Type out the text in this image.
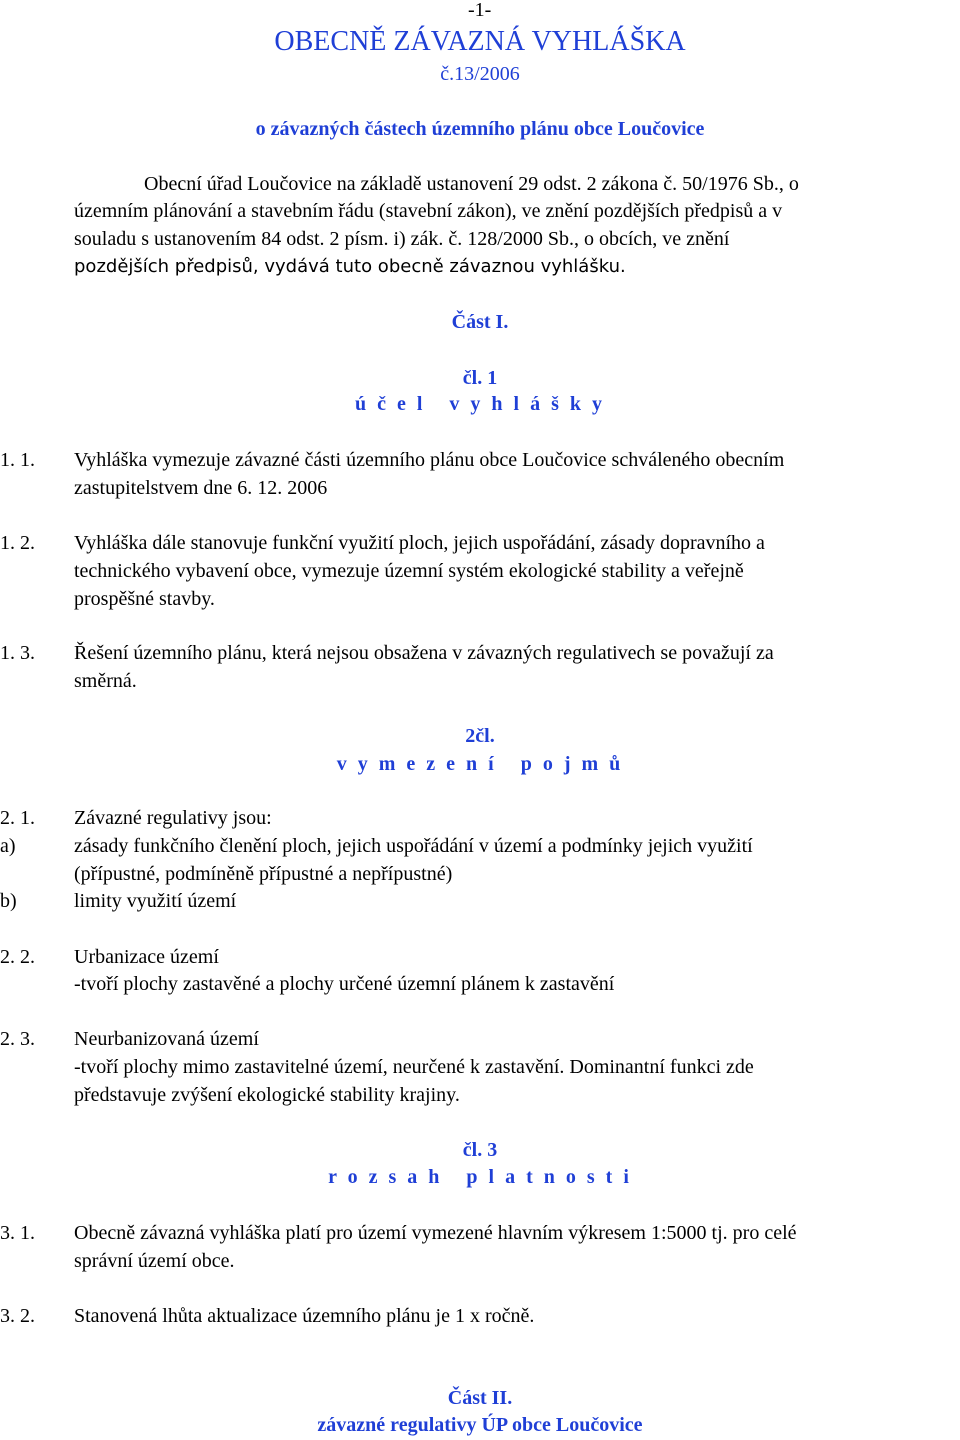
-1-
OBECNĚ ZÁVAZNÁ VYHLÁŠKA
č.13/2006
o závazných částech územního plánu obce Loučovice
Obecní úřad Loučovice na základě ustanovení 29 odst. 2 zákona č. 50/1976 Sb., o
územním plánování a stavebním řádu (stavební zákon), ve znění pozdějších předpisů a v
souladu s ustanovením 84 odst. 2 písm. i) zák. č. 128/2000 Sb., o obcích, ve znění
pozdějších předpisů, vydává tuto obecně závaznou vyhlášku.
Část I.
čl. 1
ú č e l   v y h l á š k y
1. 1. Vyhláška vymezuje závazné části územního plánu obce Loučovice schváleného obecním
zastupitelstvem dne 6. 12. 2006
1. 2. Vyhláška dále stanovuje funkční využití ploch, jejich uspořádání, zásady dopravního a
technického vybavení obce, vymezuje územní systém ekologické stability a veřejně
prospěšné stavby.
1. 3. Řešení územního plánu, která nejsou obsažena v závazných regulativech se považují za
směrná.
2čl.
v y m e z e n í   p o j m ů
2. 1. Závazné regulativy jsou:
a)	zásady funkčního členění ploch, jejich uspořádání v území a podmínky jejich využití
(přípustné, podmíněně přípustné a nepřípustné)
b)	limity využití území
2. 2. Urbanizace území
-tvoří plochy zastavěné a plochy určené územní plánem k zastavění
2. 3. Neurbanizovaná území
-tvoří plochy mimo zastavitelné území, neurčené k zastavění. Dominantní funkci zde
představuje zvýšení ekologické stability krajiny.
čl. 3
r o z s a h   p l a t n o s t i
3. 1. Obecně závazná vyhláška platí pro území vymezené hlavním výkresem 1:5000 tj. pro celé
správní území obce.
3. 2. Stanovená lhůta aktualizace územního plánu je 1 x ročně.
Část II.
závazné regulativy ÚP obce Loučovice
